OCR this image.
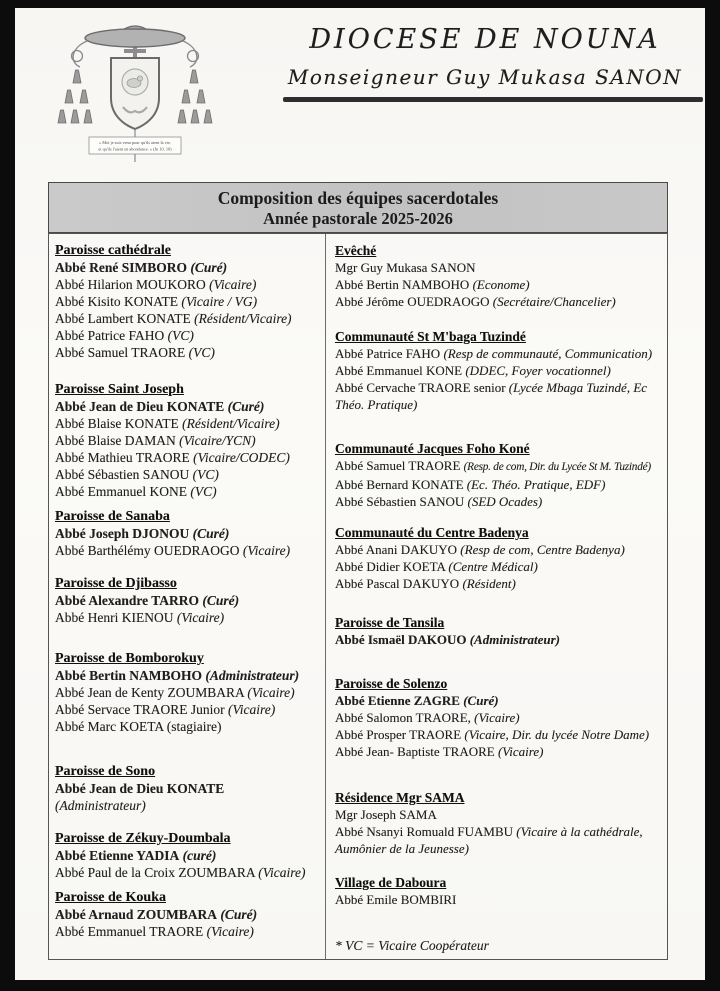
« Moi je suis venu pour qu'ils aient la vie,
et qu'ils l'aient en abondance. » (Jn 10, 10)
DIOCESE DE NOUNA
Monseigneur Guy Mukasa SANON
Composition des équipes sacerdotales
Année pastorale 2025-2026
Paroisse cathédrale
Abbé René SIMBORO (Curé)
Abbé Hilarion MOUKORO (Vicaire)
Abbé Kisito KONATE (Vicaire / VG)
Abbé Lambert KONATE (Résident/Vicaire)
Abbé Patrice FAHO (VC)
Abbé Samuel TRAORE (VC)
Paroisse Saint Joseph
Abbé Jean de Dieu KONATE (Curé)
Abbé Blaise KONATE (Résident/Vicaire)
Abbé Blaise DAMAN (Vicaire/YCN)
Abbé Mathieu TRAORE (Vicaire/CODEC)
Abbé Sébastien SANOU (VC)
Abbé Emmanuel KONE (VC)
Paroisse de Sanaba
Abbé Joseph DJONOU (Curé)
Abbé Barthélémy OUEDRAOGO (Vicaire)
Paroisse de Djibasso
Abbé Alexandre TARRO (Curé)
Abbé Henri KIENOU (Vicaire)
Paroisse de Bomborokuy
Abbé Bertin NAMBOHO (Administrateur)
Abbé Jean de Kenty ZOUMBARA (Vicaire)
Abbé Servace TRAORE Junior (Vicaire)
Abbé Marc KOETA (stagiaire)
Paroisse de Sono
Abbé Jean de Dieu KONATE
(Administrateur)
Paroisse de Zékuy-Doumbala
Abbé Etienne YADIA (curé)
Abbé Paul de la Croix ZOUMBARA (Vicaire)
Paroisse de Kouka
Abbé Arnaud ZOUMBARA (Curé)
Abbé Emmanuel TRAORE (Vicaire)
Evêché
Mgr Guy Mukasa SANON
Abbé Bertin NAMBOHO (Econome)
Abbé Jérôme OUEDRAOGO (Secrétaire/Chancelier)
Communauté St M'baga Tuzindé
Abbé Patrice FAHO (Resp de communauté, Communication)
Abbé Emmanuel KONE (DDEC, Foyer vocationnel)
Abbé Cervache TRAORE senior (Lycée Mbaga Tuzindé, Ec Théo. Pratique)
Communauté Jacques Foho Koné
Abbé Samuel TRAORE (Resp. de com, Dir. du Lycée St M. Tuzindé)
Abbé Bernard KONATE (Ec. Théo. Pratique, EDF)
Abbé Sébastien SANOU (SED Ocades)
Communauté du Centre Badenya
Abbé Anani DAKUYO (Resp de com, Centre Badenya)
Abbé Didier KOETA (Centre Médical)
Abbé Pascal DAKUYO (Résident)
Paroisse de Tansila
Abbé Ismaël DAKOUO (Administrateur)
Paroisse de Solenzo
Abbé Etienne ZAGRE (Curé)
Abbé Salomon TRAORE, (Vicaire)
Abbé Prosper TRAORE (Vicaire, Dir. du lycée Notre Dame)
Abbé Jean- Baptiste TRAORE (Vicaire)
Résidence Mgr SAMA
Mgr Joseph SAMA
Abbé Nsanyi Romuald FUAMBU (Vicaire à la cathédrale, Aumônier de la Jeunesse)
Village de Daboura
Abbé Emile BOMBIRI
* VC = Vicaire Coopérateur
